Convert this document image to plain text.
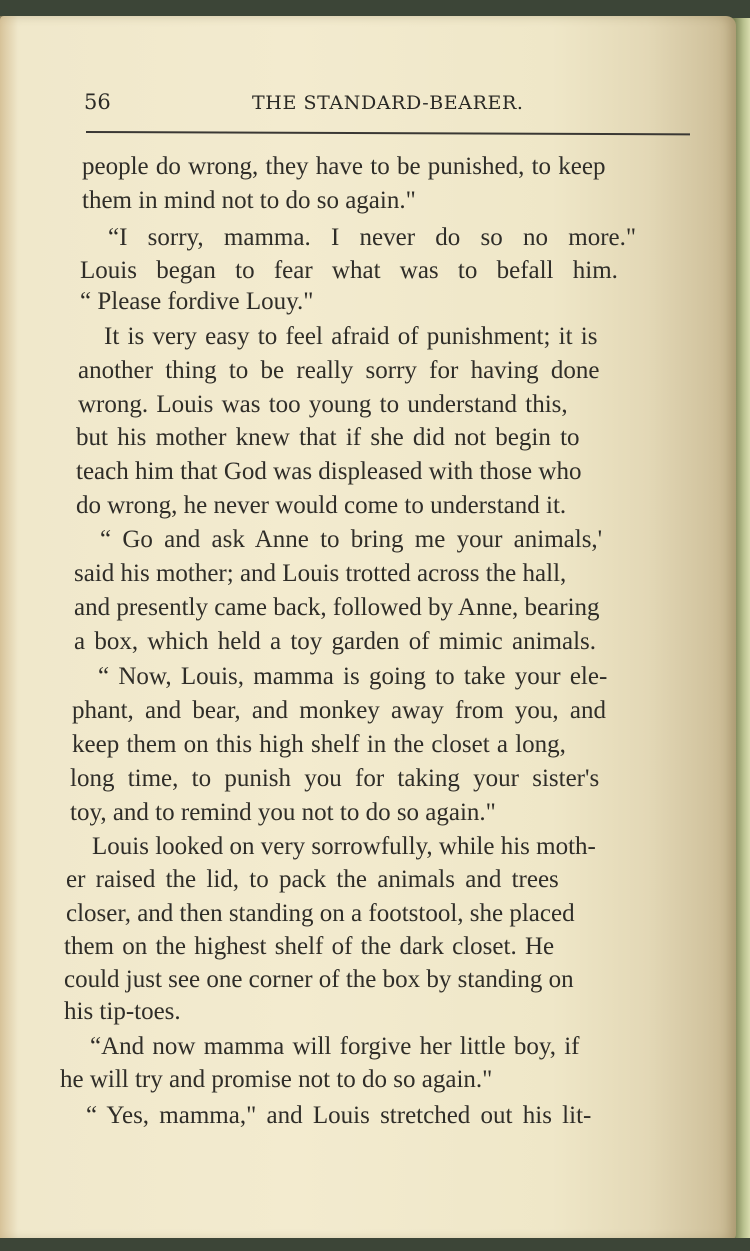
56	THE STANDARD-BEARER.
people do wrong, they have to be punished, to keep
them in mind not to do so again."
“I sorry, mamma. I never do so no more."
Louis began to fear what was to befall him.
“ Please fordive Louy."
It is very easy to feel afraid of punishment; it is
another thing to be really sorry for having done
wrong. Louis was too young to understand this,
but his mother knew that if she did not begin to
teach him that God was displeased with those who
do wrong, he never would come to understand it.
“ Go and ask Anne to bring me your animals,'
said his mother; and Louis trotted across the hall,
and presently came back, followed by Anne, bearing
a box, which held a toy garden of mimic animals.
“ Now, Louis, mamma is going to take your ele-
phant, and bear, and monkey away from you, and
keep them on this high shelf in the closet a long,
long time, to punish you for taking your sister's
toy, and to remind you not to do so again."
Louis looked on very sorrowfully, while his moth-
er raised the lid, to pack the animals and trees
closer, and then standing on a footstool, she placed
them on the highest shelf of the dark closet. He
could just see one corner of the box by standing on
his tip-toes.
“And now mamma will forgive her little boy, if
he will try and promise not to do so again."
“ Yes, mamma," and Louis stretched out his lit-
